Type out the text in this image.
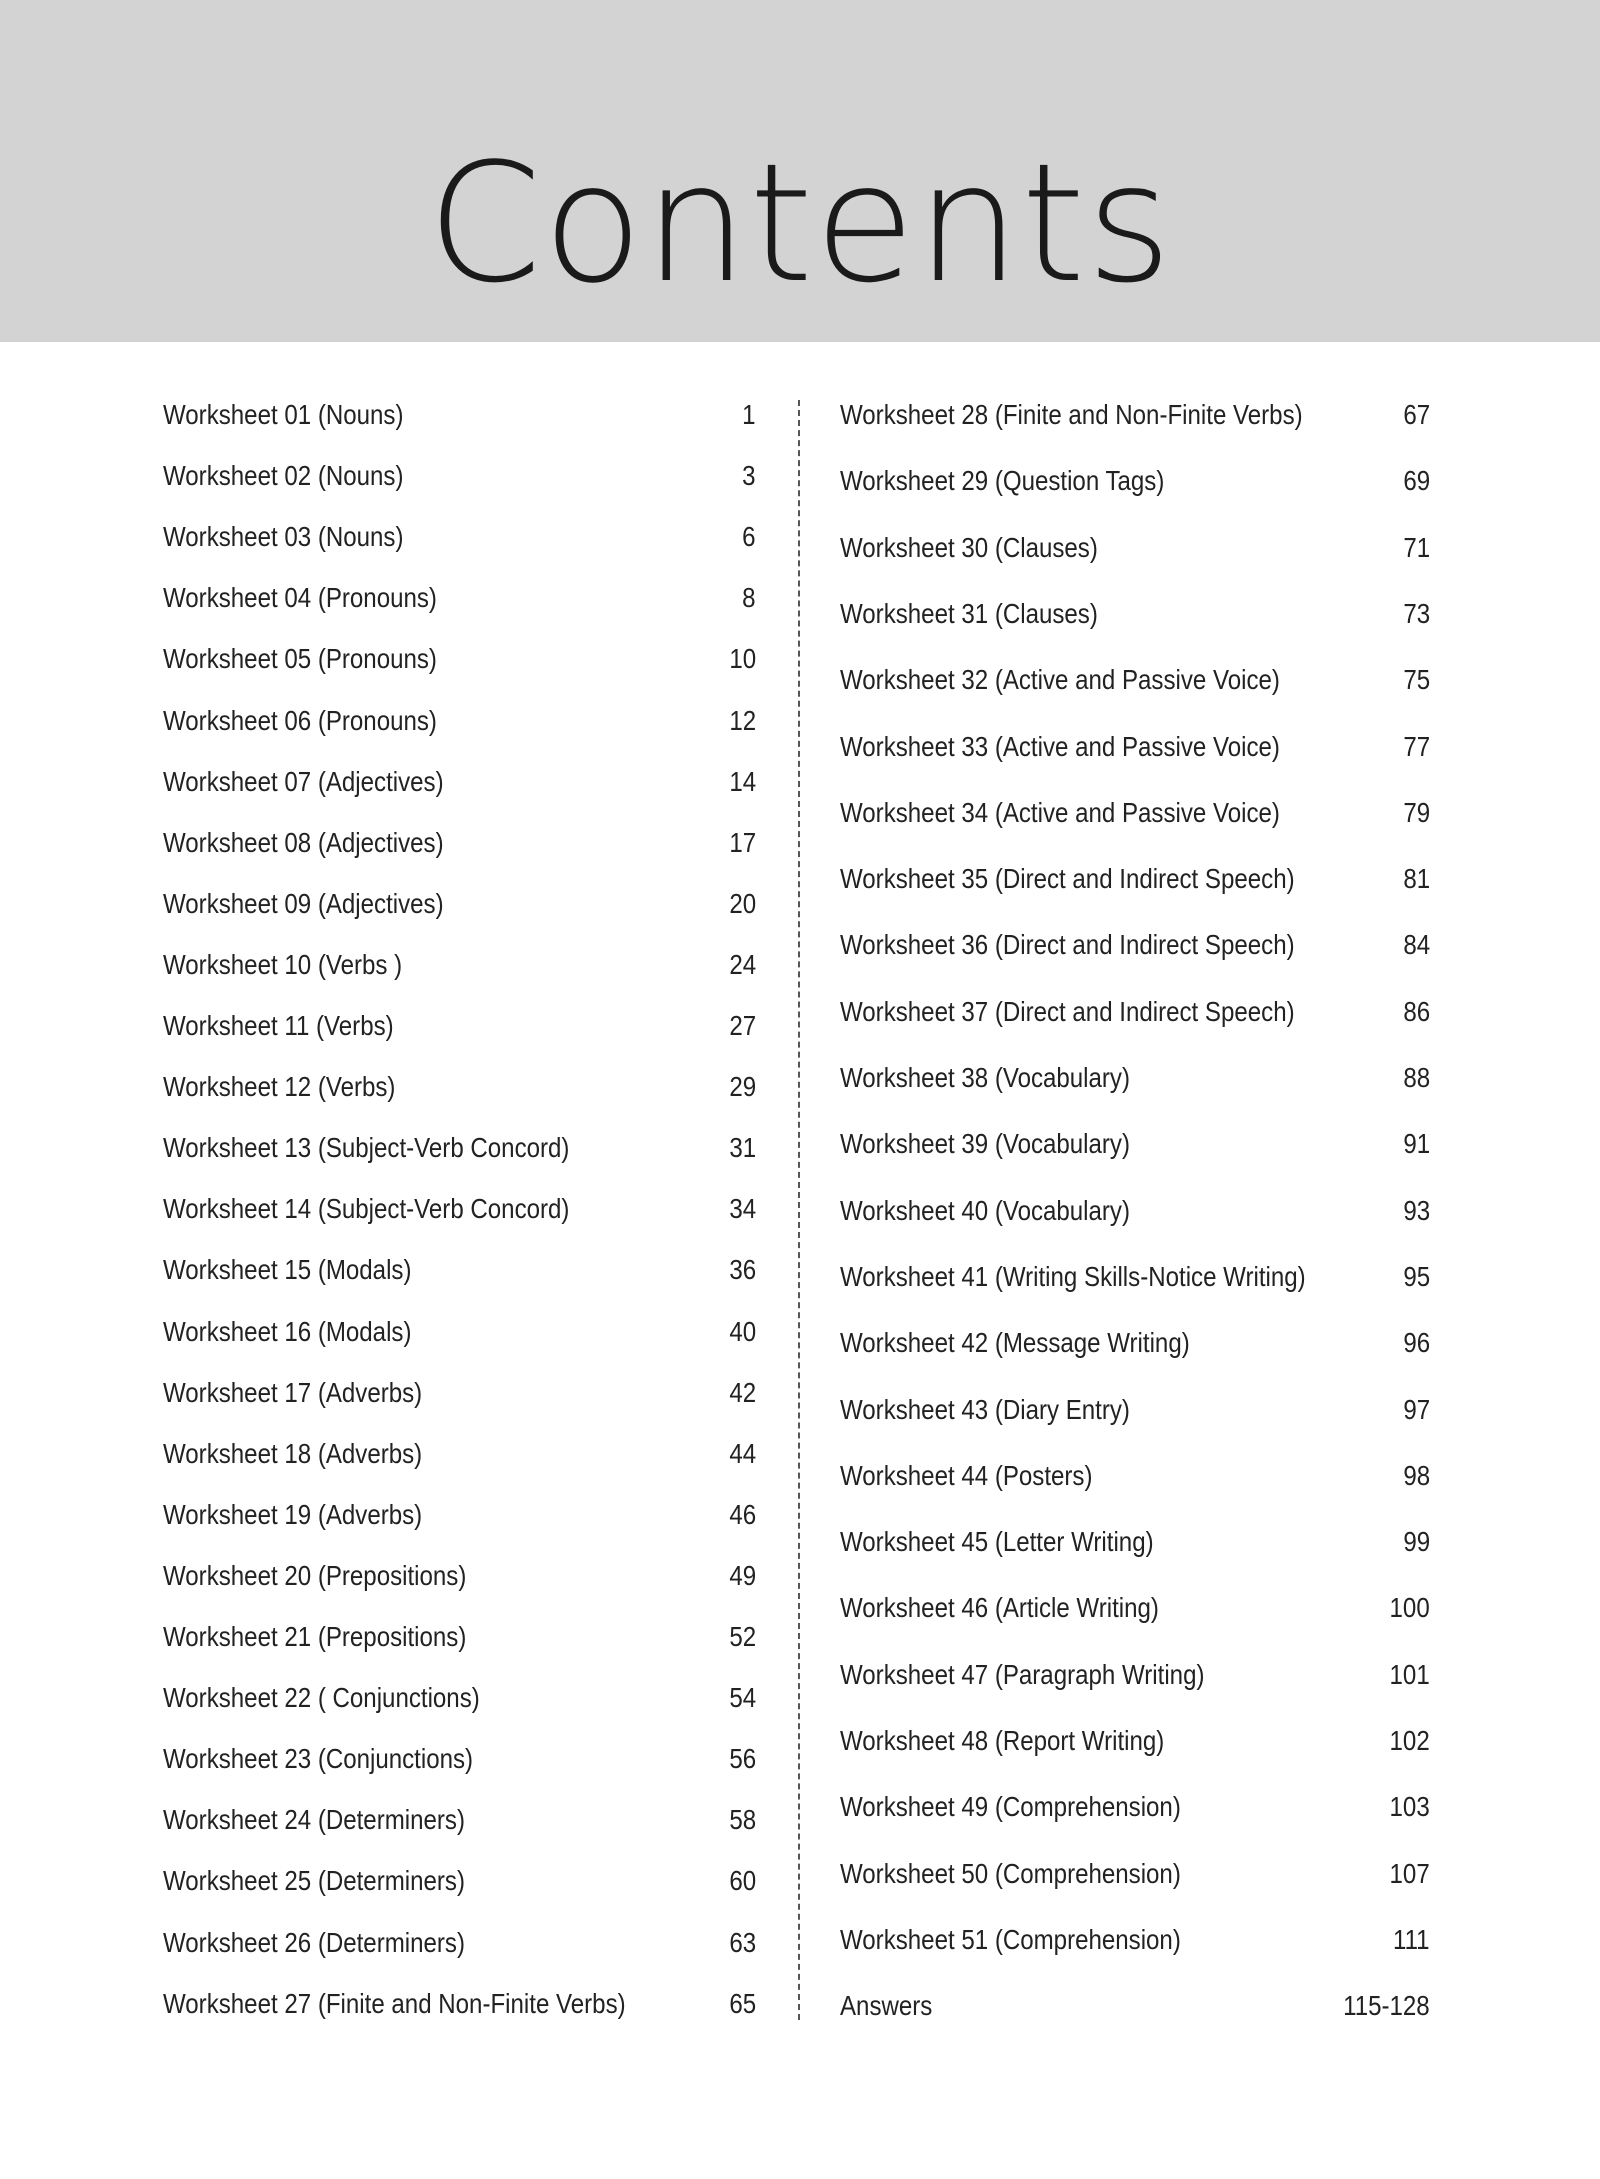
Contents
Worksheet 01 (Nouns)	1
Worksheet 02 (Nouns)	3
Worksheet 03 (Nouns)	6
Worksheet 04 (Pronouns)	8
Worksheet 05 (Pronouns)	10
Worksheet 06 (Pronouns)	12
Worksheet 07 (Adjectives)	14
Worksheet 08 (Adjectives)	17
Worksheet 09 (Adjectives)	20
Worksheet 10 (Verbs )	24
Worksheet 11 (Verbs)	27
Worksheet 12 (Verbs)	29
Worksheet 13 (Subject-Verb Concord)	31
Worksheet 14 (Subject-Verb Concord)	34
Worksheet 15 (Modals)	36
Worksheet 16 (Modals)	40
Worksheet 17 (Adverbs)	42
Worksheet 18 (Adverbs)	44
Worksheet 19 (Adverbs)	46
Worksheet 20 (Prepositions)	49
Worksheet 21 (Prepositions)	52
Worksheet 22 ( Conjunctions)	54
Worksheet 23 (Conjunctions)	56
Worksheet 24 (Determiners)	58
Worksheet 25 (Determiners)	60
Worksheet 26 (Determiners)	63
Worksheet 27 (Finite and Non-Finite Verbs)	65
Worksheet 28 (Finite and Non-Finite Verbs)	67
Worksheet 29 (Question Tags)	69
Worksheet 30 (Clauses)	71
Worksheet 31 (Clauses)	73
Worksheet 32 (Active and Passive Voice)	75
Worksheet 33 (Active and Passive Voice)	77
Worksheet 34 (Active and Passive Voice)	79
Worksheet 35 (Direct and Indirect Speech)	81
Worksheet 36 (Direct and Indirect Speech)	84
Worksheet 37 (Direct and Indirect Speech)	86
Worksheet 38 (Vocabulary)	88
Worksheet 39 (Vocabulary)	91
Worksheet 40 (Vocabulary)	93
Worksheet 41 (Writing Skills-Notice Writing)	95
Worksheet 42 (Message Writing)	96
Worksheet 43 (Diary Entry)	97
Worksheet 44 (Posters)	98
Worksheet 45 (Letter Writing)	99
Worksheet 46 (Article Writing)	100
Worksheet 47 (Paragraph Writing)	101
Worksheet 48 (Report Writing)	102
Worksheet 49 (Comprehension)	103
Worksheet 50 (Comprehension)	107
Worksheet 51 (Comprehension)	111
Answers	115-128
